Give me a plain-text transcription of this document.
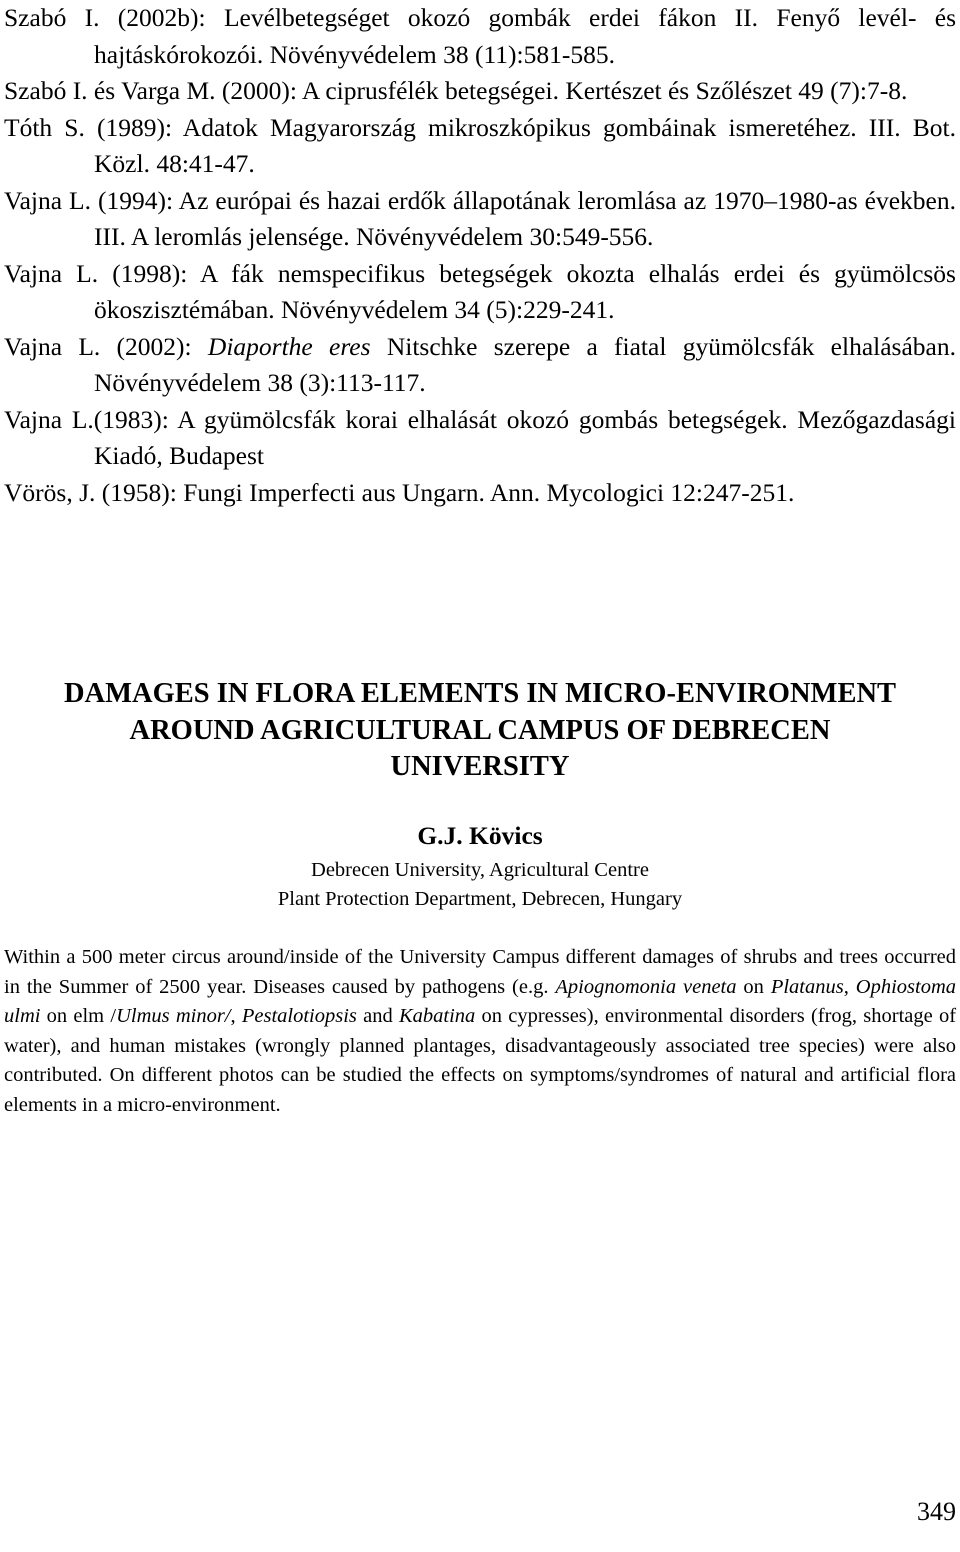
Szabó I. (2002b): Levélbetegséget okozó gombák erdei fákon II. Fenyő levél- és hajtáskórokozói. Növényvédelem 38 (11):581-585.

Szabó I. és Varga M. (2000): A ciprusfélék betegségei. Kertészet és Szőlészet 49 (7):7-8.

Tóth S. (1989): Adatok Magyarország mikroszkópikus gombáinak ismeretéhez. III. Bot. Közl. 48:41-47.

Vajna L. (1994): Az európai és hazai erdők állapotának leromlása az 1970–1980-as években. III. A leromlás jelensége. Növényvédelem 30:549-556.

Vajna L. (1998): A fák nemspecifikus betegségek okozta elhalás erdei és gyümölcsös ökoszisztémában. Növényvédelem 34 (5):229-241.

Vajna L. (2002): Diaporthe eres Nitschke szerepe a fiatal gyümölcsfák elhalásában. Növényvédelem 38 (3):113-117.

Vajna L.(1983): A gyümölcsfák korai elhalását okozó gombás betegségek. Mezőgazdasági Kiadó, Budapest

Vörös, J. (1958): Fungi Imperfecti aus Ungarn. Ann. Mycologici 12:247-251.

DAMAGES IN FLORA ELEMENTS IN MICRO-ENVIRONMENT
AROUND AGRICULTURAL CAMPUS OF DEBRECEN
UNIVERSITY

G.J. Kövics

Debrecen University, Agricultural Centre
Plant Protection Department, Debrecen, Hungary

Within a 500 meter circus around/inside of the University Campus different damages of shrubs and trees occurred in the Summer of 2500 year. Diseases caused by pathogens (e.g. Apiognomonia veneta on Platanus, Ophiostoma ulmi on elm /Ulmus minor/, Pestalotiopsis and Kabatina on cypresses), environmental disorders (frog, shortage of water), and human mistakes (wrongly planned plantages, disadvantageously associated tree species) were also contributed. On different photos can be studied the effects on symptoms/syndromes of natural and artificial flora elements in a micro-environment.

349
